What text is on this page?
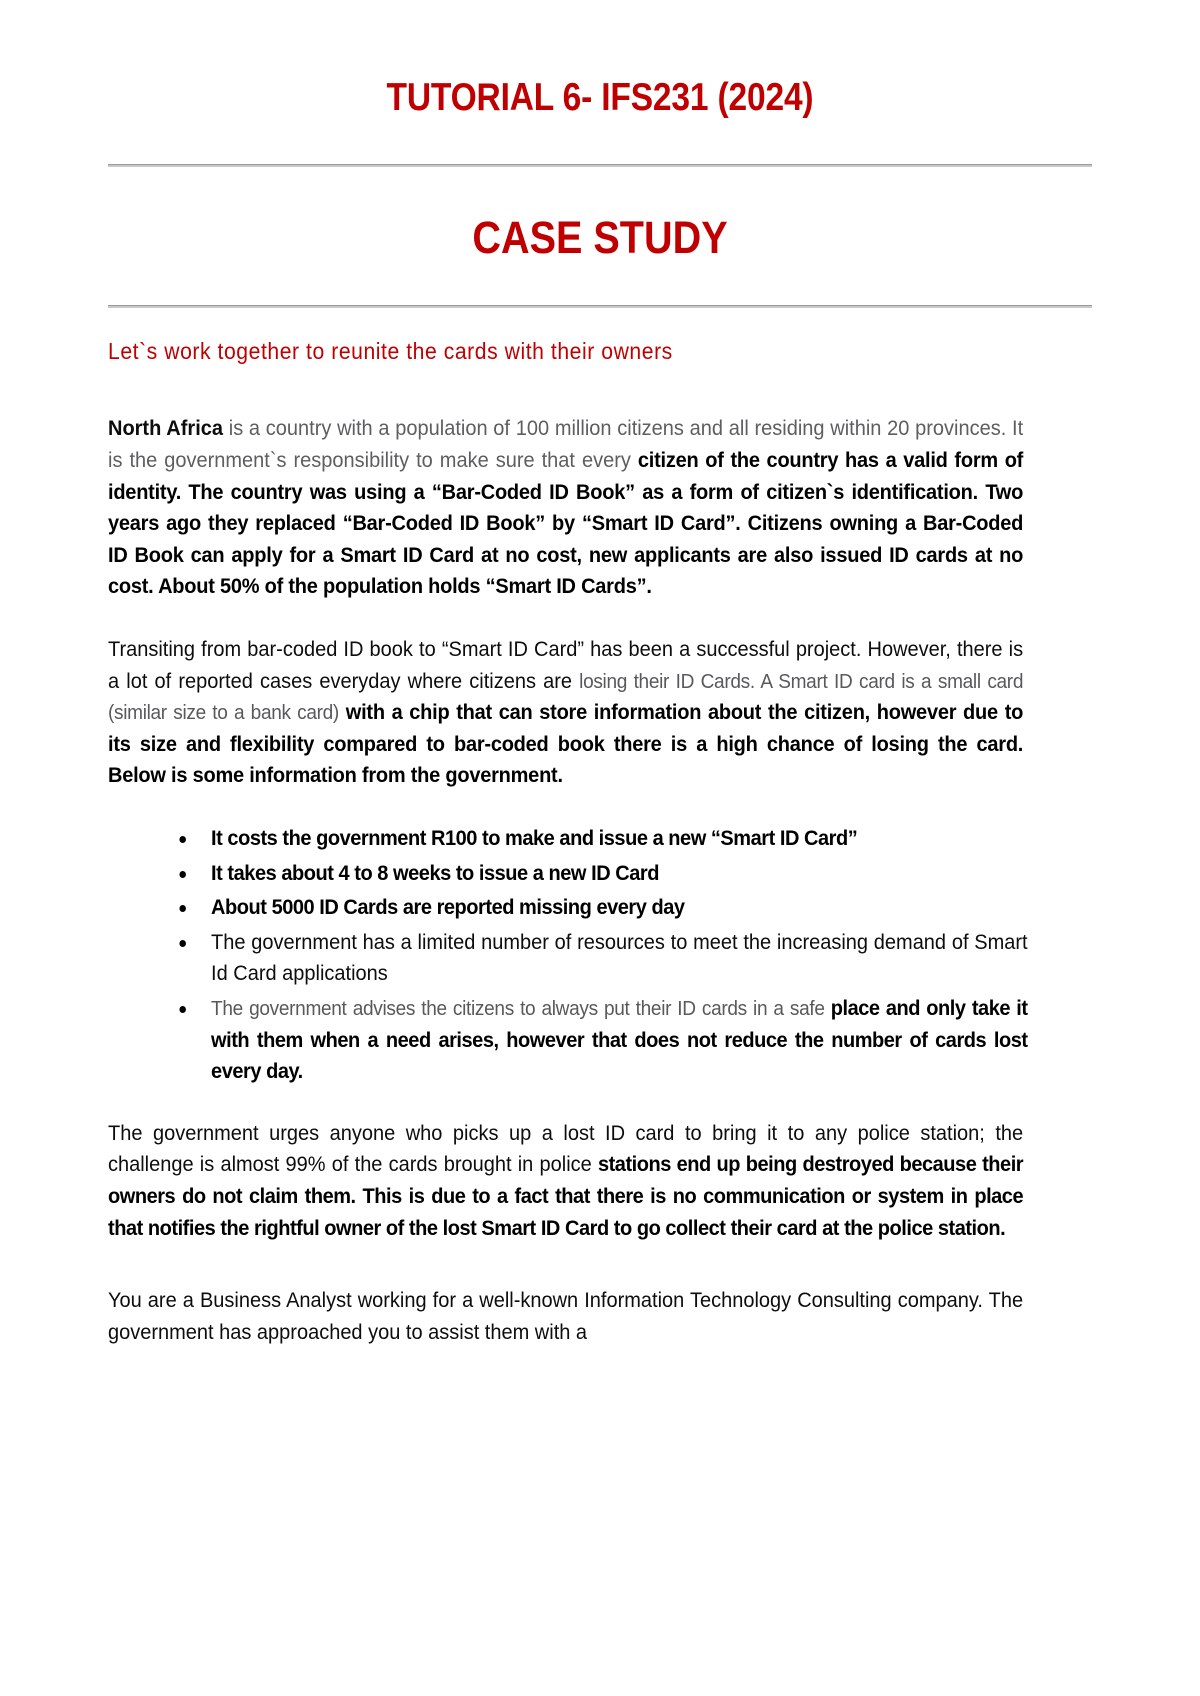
TUTORIAL 6- IFS231 (2024)
CASE STUDY

Let`s work together to reunite the cards with their owners

North Africa is a country with a population of 100 million citizens and all residing within 20 provinces. It is the government`s responsibility to make sure that every citizen of the country has a valid form of identity. The country was using a “Bar-Coded ID Book” as a form of citizen`s identification. Two years ago they replaced “Bar-Coded ID Book” by “Smart ID Card”. Citizens owning a Bar-Coded ID Book can apply for a Smart ID Card at no cost, new applicants are also issued ID cards at no cost. About 50% of the population holds “Smart ID Cards”.

Transiting from bar-coded ID book to “Smart ID Card” has been a successful project. However, there is a lot of reported cases everyday where citizens are losing their ID Cards. A Smart ID card is a small card (similar size to a bank card) with a chip that can store information about the citizen, however due to its size and flexibility compared to bar-coded book there is a high chance of losing the card. Below is some information from the government.

It costs the government R100 to make and issue a new “Smart ID Card”
It takes about 4 to 8 weeks to issue a new ID Card
About 5000 ID Cards are reported missing every day
The government has a limited number of resources to meet the increasing demand of Smart Id Card applications
The government advises the citizens to always put their ID cards in a safe place and only take it with them when a need arises, however that does not reduce the number of cards lost every day.

The government urges anyone who picks up a lost ID card to bring it to any police station; the challenge is almost 99% of the cards brought in police stations end up being destroyed because their owners do not claim them. This is due to a fact that there is no communication or system in place that notifies the rightful owner of the lost Smart ID Card to go collect their card at the police station.

You are a Business Analyst working for a well-known Information Technology Consulting company. The government has approached you to assist them with a
